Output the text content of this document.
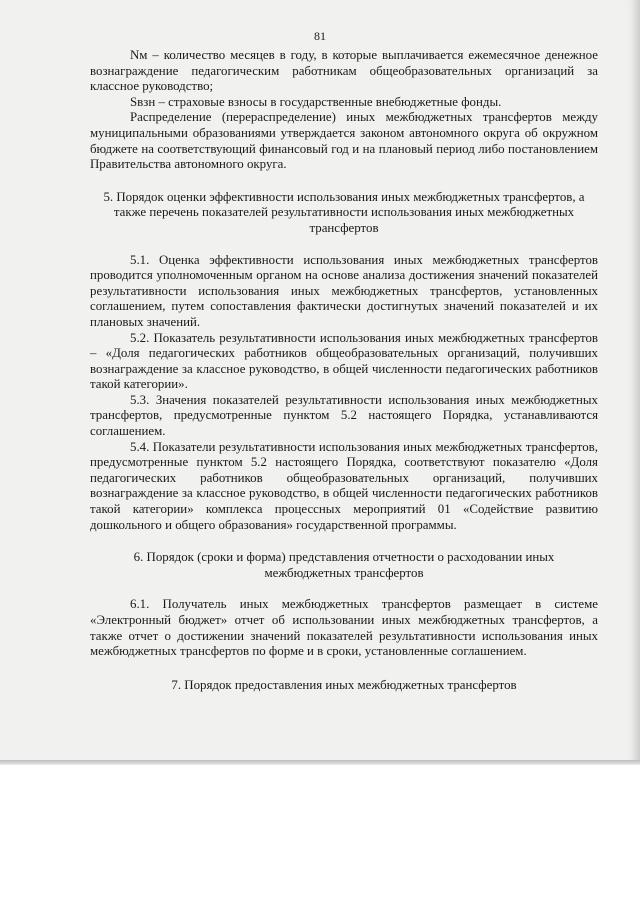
81

Nм – количество месяцев в году, в которые выплачивается ежемесячное денежное вознаграждение педагогическим работникам общеобразовательных организаций за классное руководство;

Sвзн – страховые взносы в государственные внебюджетные фонды.

Распределение (перераспределение) иных межбюджетных трансфертов между муниципальными образованиями утверждается законом автономного округа об окружном бюджете на соответствующий финансовый год и на плановый период либо постановлением Правительства автономного округа.

5. Порядок оценки эффективности использования иных межбюджетных трансфертов, а также перечень показателей результативности использования иных межбюджетных трансфертов

5.1. Оценка эффективности использования иных межбюджетных трансфертов проводится уполномоченным органом на основе анализа достижения значений показателей результативности использования иных межбюджетных трансфертов, установленных соглашением, путем сопоставления фактически достигнутых значений показателей и их плановых значений.

5.2. Показатель результативности использования иных межбюджетных трансфертов – «Доля педагогических работников общеобразовательных организаций, получивших вознаграждение за классное руководство, в общей численности педагогических работников такой категории».

5.3. Значения показателей результативности использования иных межбюджетных трансфертов, предусмотренные пунктом 5.2 настоящего Порядка, устанавливаются соглашением.

5.4. Показатели результативности использования иных межбюджетных трансфертов, предусмотренные пунктом 5.2 настоящего Порядка, соответствуют показателю «Доля педагогических работников общеобразовательных организаций, получивших вознаграждение за классное руководство, в общей численности педагогических работников такой категории» комплекса процессных мероприятий 01 «Содействие развитию дошкольного и общего образования» государственной программы.

6. Порядок (сроки и форма) представления отчетности о расходовании иных межбюджетных трансфертов

6.1. Получатель иных межбюджетных трансфертов размещает в системе «Электронный бюджет» отчет об использовании иных межбюджетных трансфертов, а также отчет о достижении значений показателей результативности использования иных межбюджетных трансфертов по форме и в сроки, установленные соглашением.

7. Порядок предоставления иных межбюджетных трансфертов
